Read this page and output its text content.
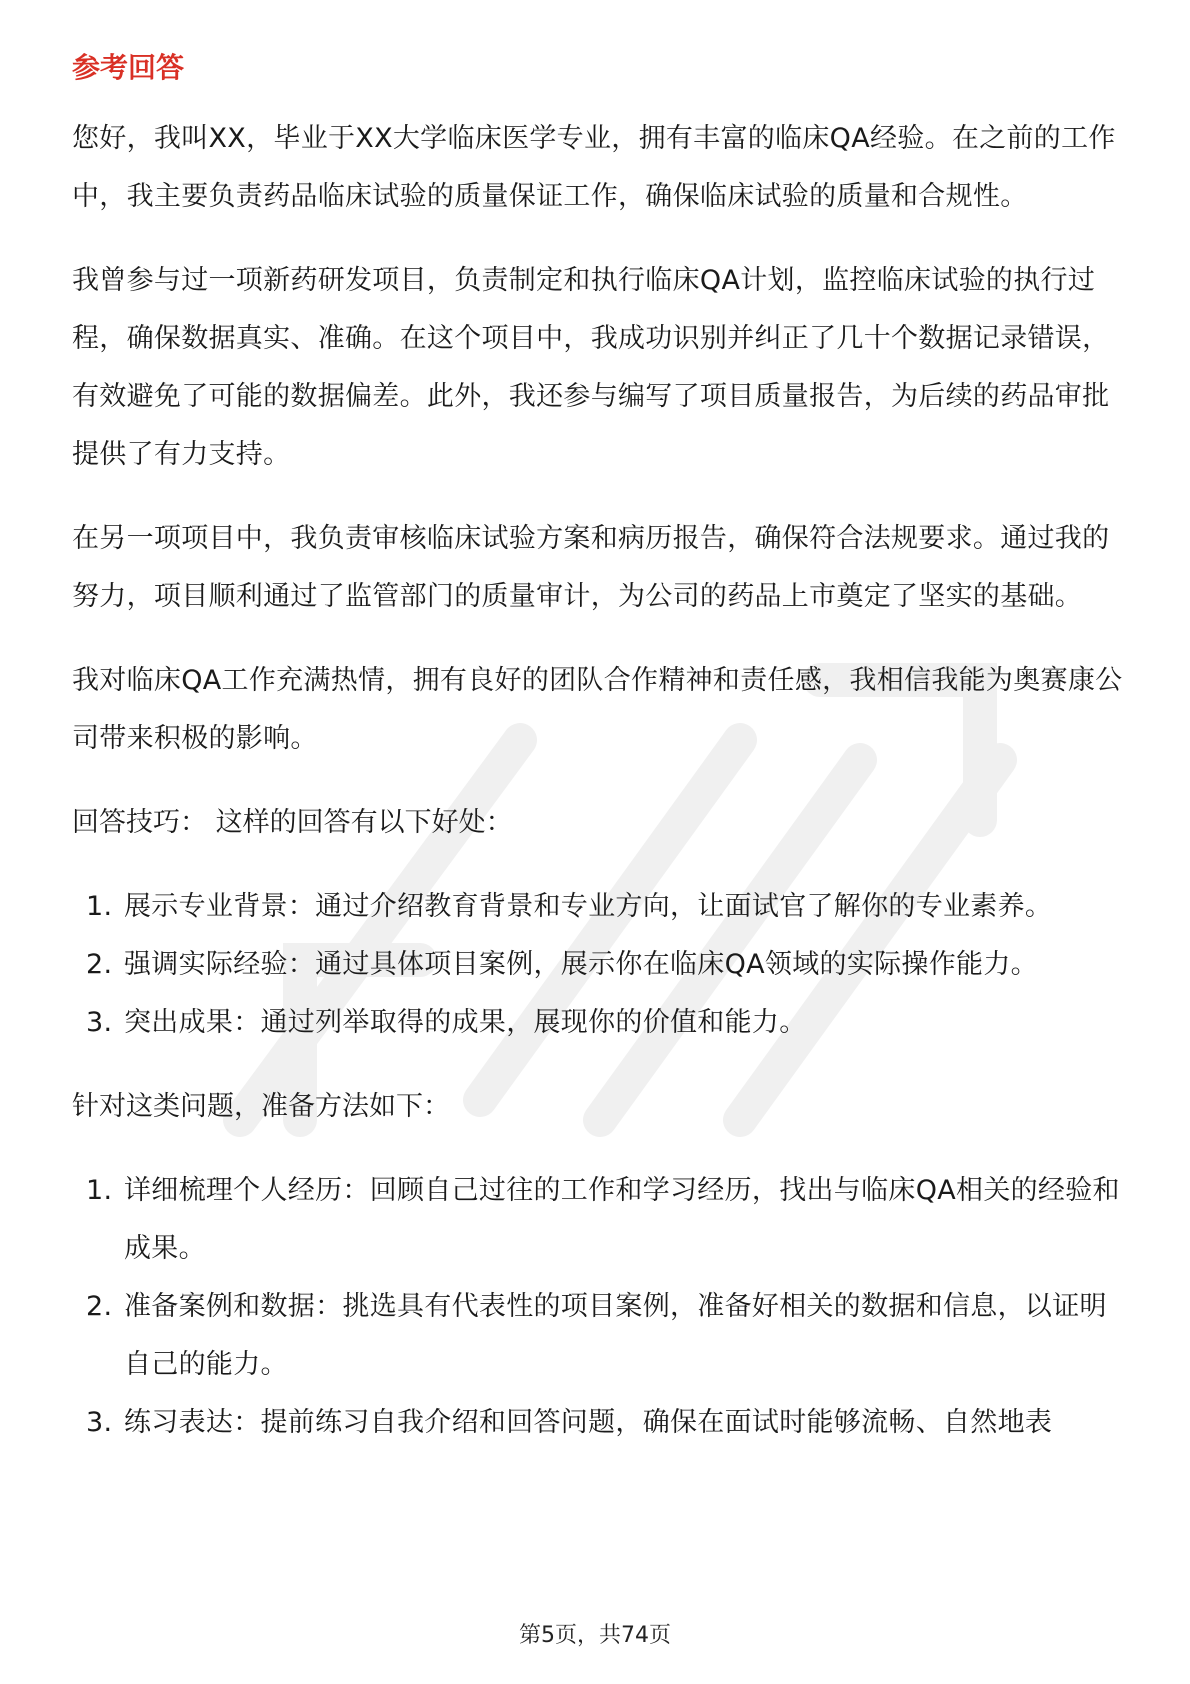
参考回答

您好，我叫XX，毕业于XX大学临床医学专业，拥有丰富的临床QA经验。在之前的工作中，我主要负责药品临床试验的质量保证工作，确保临床试验的质量和合规性。

我曾参与过一项新药研发项目，负责制定和执行临床QA计划，监控临床试验的执行过程，确保数据真实、准确。在这个项目中，我成功识别并纠正了几十个数据记录错误，有效避免了可能的数据偏差。此外，我还参与编写了项目质量报告，为后续的药品审批提供了有力支持。

在另一项项目中，我负责审核临床试验方案和病历报告，确保符合法规要求。通过我的努力，项目顺利通过了监管部门的质量审计，为公司的药品上市奠定了坚实的基础。

我对临床QA工作充满热情，拥有良好的团队合作精神和责任感，我相信我能为奥赛康公司带来积极的影响。

回答技巧： 这样的回答有以下好处：

1. 展示专业背景：通过介绍教育背景和专业方向，让面试官了解你的专业素养。
2. 强调实际经验：通过具体项目案例，展示你在临床QA领域的实际操作能力。
3. 突出成果：通过列举取得的成果，展现你的价值和能力。

针对这类问题，准备方法如下：

1. 详细梳理个人经历：回顾自己过往的工作和学习经历，找出与临床QA相关的经验和成果。
2. 准备案例和数据：挑选具有代表性的项目案例，准备好相关的数据和信息，以证明自己的能力。
3. 练习表达：提前练习自我介绍和回答问题，确保在面试时能够流畅、自然地表
第5页，共74页
